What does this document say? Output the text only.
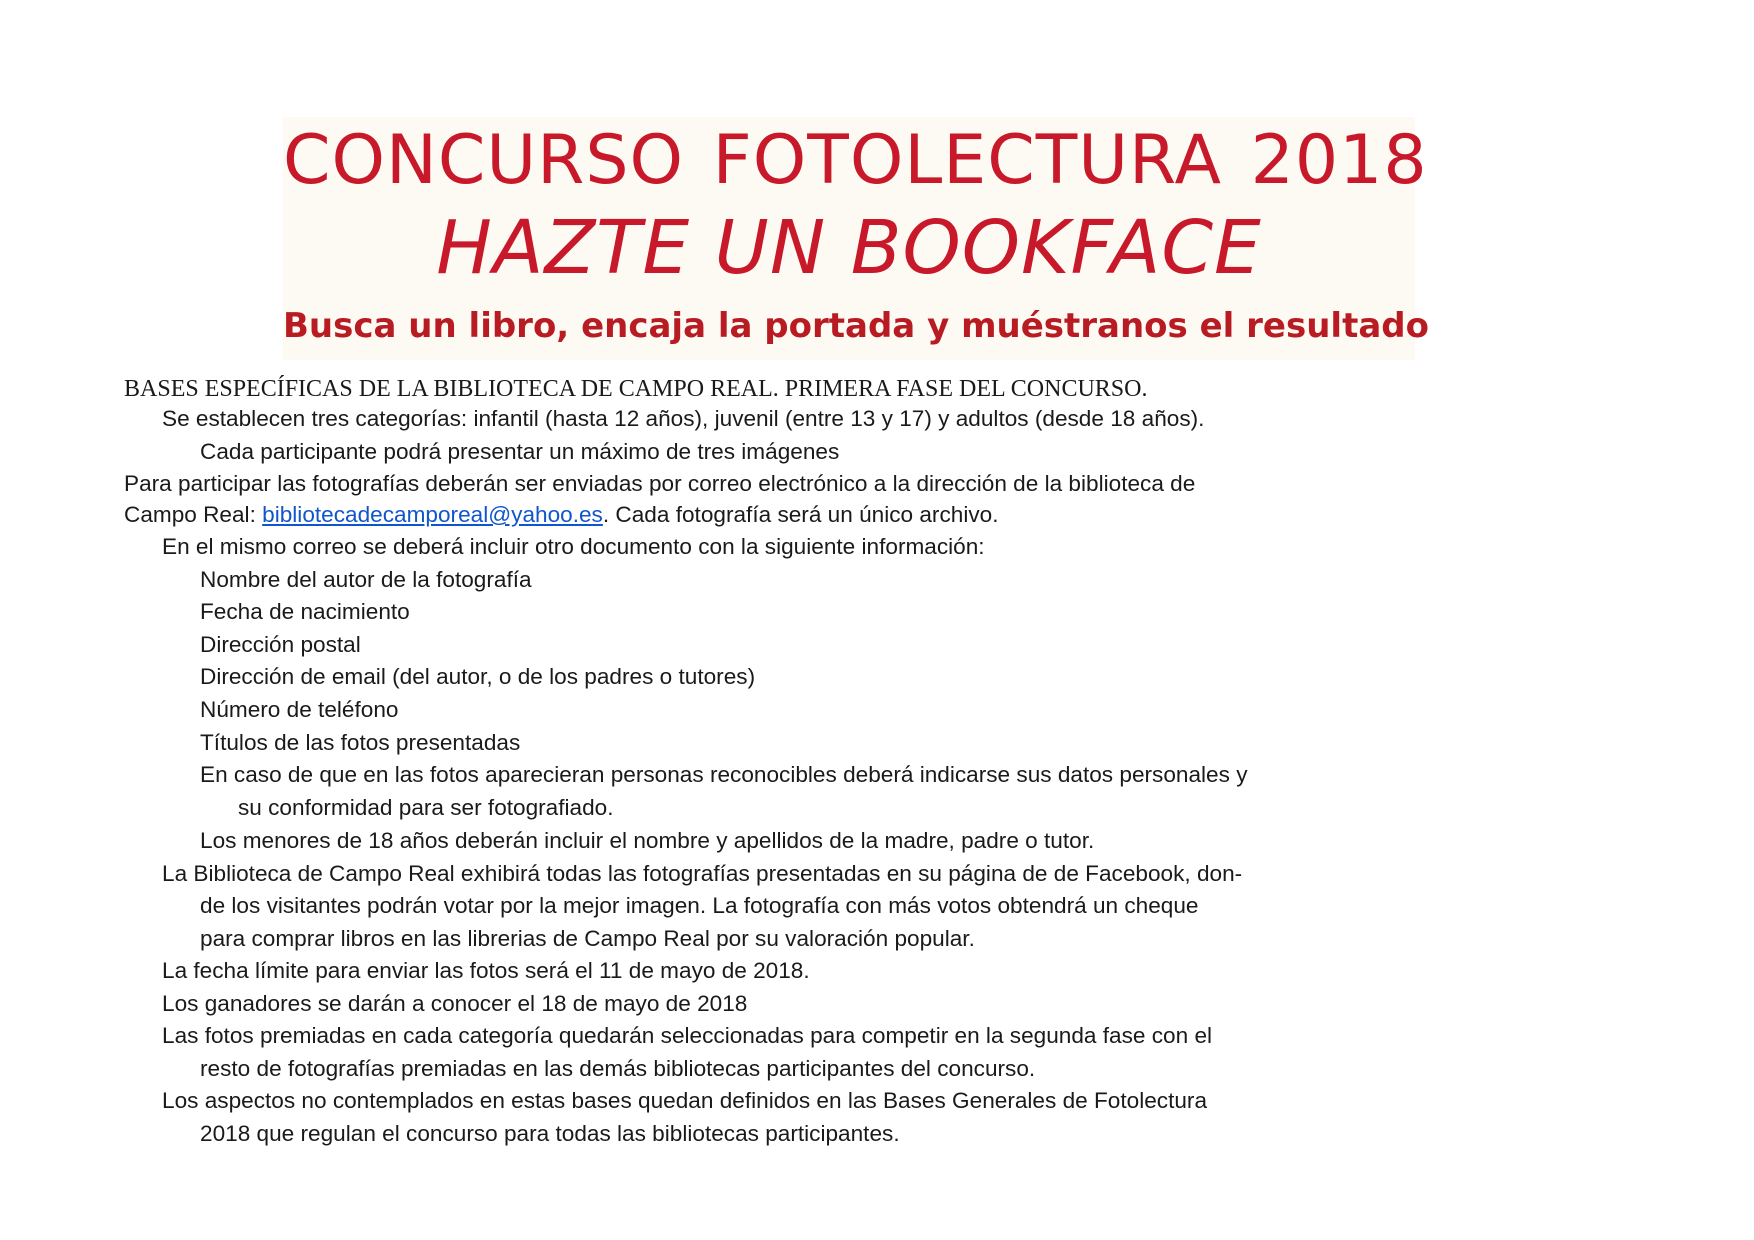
CONCURSO FOTOLECTURA 2018
HAZTE UN BOOKFACE
Busca un libro, encaja la portada y muéstranos el resultado
BASES ESPECÍFICAS DE LA BIBLIOTECA DE CAMPO REAL. PRIMERA FASE DEL CONCURSO.
Se establecen tres categorías: infantil (hasta 12 años), juvenil (entre 13 y 17) y adultos (desde 18 años).
Cada participante podrá presentar un máximo de tres imágenes
Para participar las fotografías deberán ser enviadas por correo electrónico a la dirección de la biblioteca de
Campo Real: bibliotecadecamporeal@yahoo.es. Cada fotografía será un único archivo.
En el mismo correo se deberá incluir otro documento con la siguiente información:
Nombre del autor de la fotografía
Fecha de nacimiento
Dirección postal
Dirección de email (del autor, o de los padres o tutores)
Número de teléfono
Títulos de las fotos presentadas
En caso de que en las fotos aparecieran personas reconocibles deberá indicarse sus datos personales y
su conformidad para ser fotografiado.
Los menores de 18 años deberán incluir el nombre y apellidos de la madre, padre o tutor.
La Biblioteca de Campo Real exhibirá todas las fotografías presentadas en su página de de Facebook, don-
de los visitantes podrán votar por la mejor imagen. La fotografía con más votos obtendrá un cheque
para comprar libros en las librerias de Campo Real por su valoración popular.
La fecha límite para enviar las fotos será el 11 de mayo de 2018.
Los ganadores se darán a conocer el 18 de mayo de 2018
Las fotos premiadas en cada categoría quedarán seleccionadas para competir en la segunda fase con el
resto de fotografías premiadas en las demás bibliotecas participantes del concurso.
Los aspectos no contemplados en estas bases quedan definidos en las Bases Generales de Fotolectura
2018 que regulan el concurso para todas las bibliotecas participantes.
